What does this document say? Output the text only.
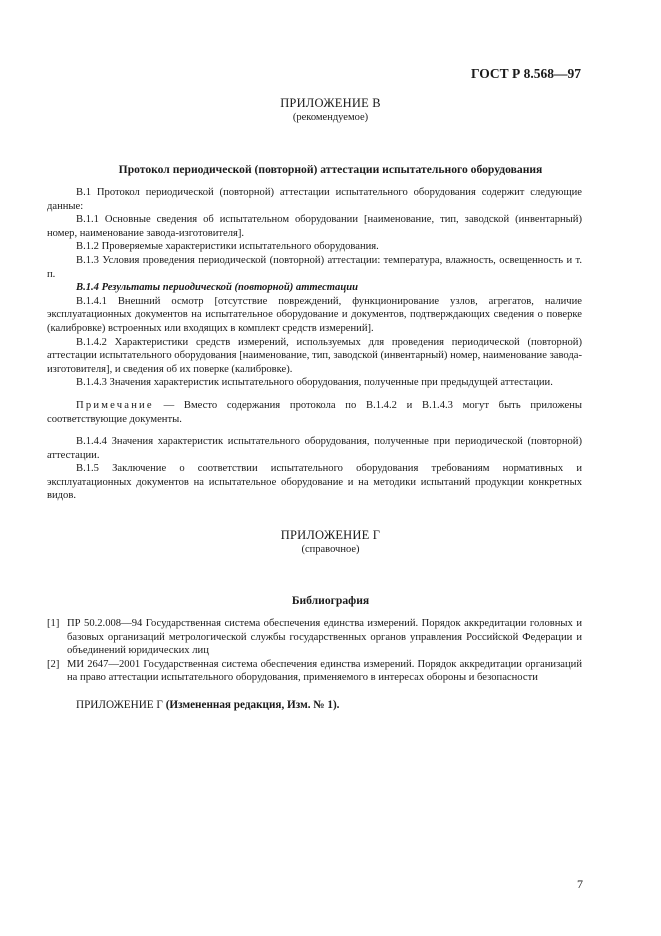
ГОСТ Р 8.568—97
ПРИЛОЖЕНИЕ В
(рекомендуемое)
Протокол периодической (повторной) аттестации испытательного оборудования

В.1 Протокол периодической (повторной) аттестации испытательного оборудования содержит следующие данные:

В.1.1 Основные сведения об испытательном оборудовании [наименование, тип, заводской (инвентарный) номер, наименование завода-изготовителя].

В.1.2 Проверяемые характеристики испытательного оборудования.

В.1.3 Условия проведения периодической (повторной) аттестации: температура, влажность, освещенность и т. п.

В.1.4 Результаты периодической (повторной) аттестации

В.1.4.1 Внешний осмотр [отсутствие повреждений, функционирование узлов, агрегатов, наличие эксплуатационных документов на испытательное оборудование и документов, подтверждающих сведения о поверке (калибровке) встроенных или входящих в комплект средств измерений].

В.1.4.2 Характеристики средств измерений, используемых для проведения периодической (повторной) аттестации испытательного оборудования [наименование, тип, заводской (инвентарный) номер, наименование завода-изготовителя], и сведения об их поверке (калибровке).

В.1.4.3 Значения характеристик испытательного оборудования, полученные при предыдущей аттестации.

Примечание — Вместо содержания протокола по В.1.4.2 и В.1.4.3 могут быть приложены соответствующие документы.

В.1.4.4 Значения характеристик испытательного оборудования, полученные при периодической (повторной) аттестации.

В.1.5 Заключение о соответствии испытательного оборудования требованиям нормативных и эксплуатационных документов на испытательное оборудование и на методики испытаний продукции конкретных видов.

ПРИЛОЖЕНИЕ Г
(справочное)
Библиография
[1] ПР 50.2.008—94 Государственная система обеспечения единства измерений. Порядок аккредитации головных и базовых организаций метрологической службы государственных органов управления Российской Федерации и объединений юридических лиц
[2] МИ 2647—2001 Государственная система обеспечения единства измерений. Порядок аккредитации организаций на право аттестации испытательного оборудования, применяемого в интересах обороны и безопасности
ПРИЛОЖЕНИЕ Г (Измененная редакция, Изм. № 1).
7
